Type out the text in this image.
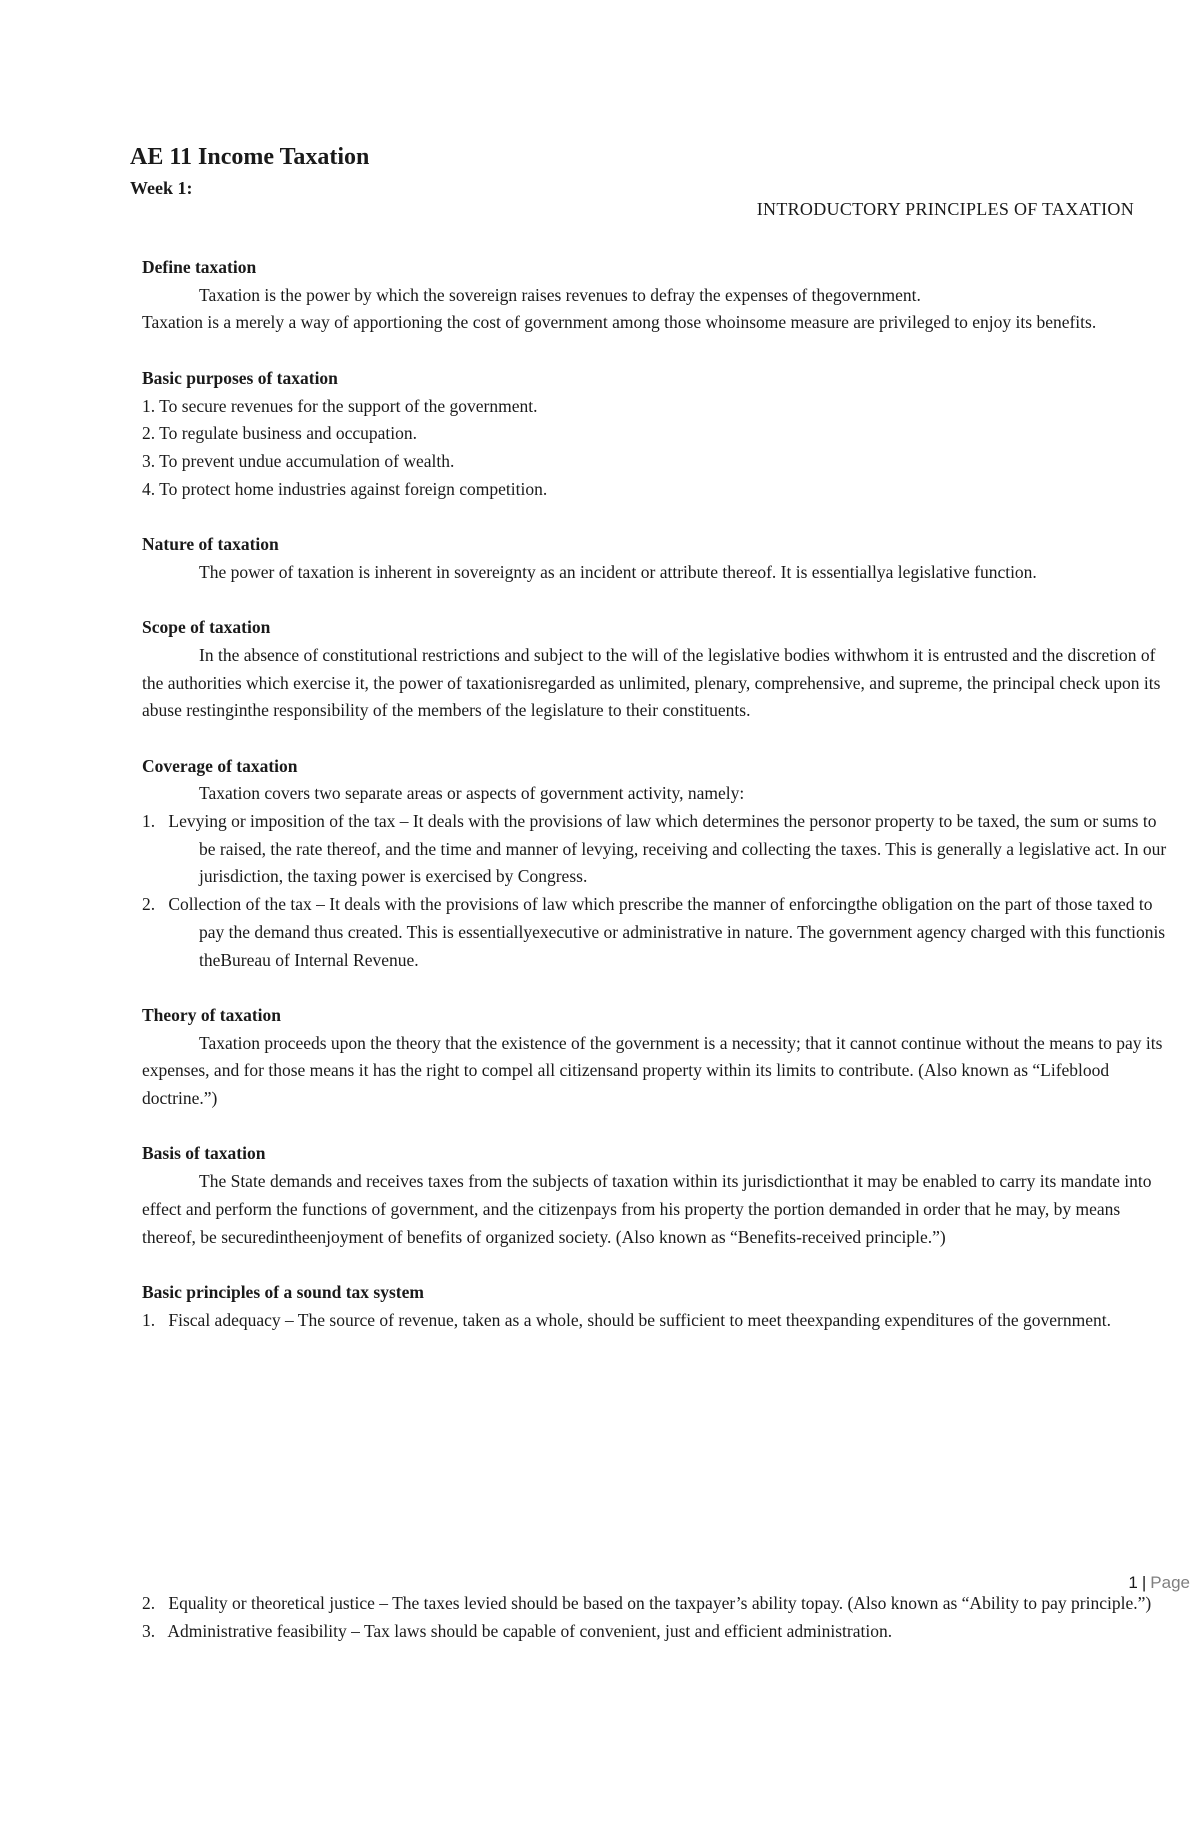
AE 11 Income Taxation
Week 1:
INTRODUCTORY PRINCIPLES OF TAXATION

Define taxation

Taxation is the power by which the sovereign raises revenues to defray the expenses of thegovernment.

Taxation is a merely a way of apportioning the cost of government among those whoinsome measure are privileged to enjoy its benefits.

Basic purposes of taxation

1. To secure revenues for the support of the government.

2. To regulate business and occupation.

3. To prevent undue accumulation of wealth.

4. To protect home industries against foreign competition.

Nature of taxation

The power of taxation is inherent in sovereignty as an incident or attribute thereof. It is essentiallya legislative function.

Scope of taxation

In the absence of constitutional restrictions and subject to the will of the legislative bodies withwhom it is entrusted and the discretion of the authorities which exercise it, the power of taxationisregarded as unlimited, plenary, comprehensive, and supreme, the principal check upon its abuse restinginthe responsibility of the members of the legislature to their constituents.

Coverage of taxation

Taxation covers two separate areas or aspects of government activity, namely:

1. Levying or imposition of the tax – It deals with the provisions of law which determines the personor property to be taxed, the sum or sums to be raised, the rate thereof, and the time and manner of levying, receiving and collecting the taxes. This is generally a legislative act. In our jurisdiction, the taxing power is exercised by Congress.

2. Collection of the tax – It deals with the provisions of law which prescribe the manner of enforcingthe obligation on the part of those taxed to pay the demand thus created. This is essentiallyexecutive or administrative in nature. The government agency charged with this functionis theBureau of Internal Revenue.

Theory of taxation

Taxation proceeds upon the theory that the existence of the government is a necessity; that it cannot continue without the means to pay its expenses, and for those means it has the right to compel all citizensand property within its limits to contribute. (Also known as “Lifeblood doctrine.”)

Basis of taxation

The State demands and receives taxes from the subjects of taxation within its jurisdictionthat it may be enabled to carry its mandate into effect and perform the functions of government, and the citizenpays from his property the portion demanded in order that he may, by means thereof, be securedintheenjoyment of benefits of organized society. (Also known as “Benefits-received principle.”)

Basic principles of a sound tax system

1. Fiscal adequacy – The source of revenue, taken as a whole, should be sufficient to meet theexpanding expenditures of the government.

1 | Page

2. Equality or theoretical justice – The taxes levied should be based on the taxpayer’s ability topay. (Also known as “Ability to pay principle.”)

3. Administrative feasibility – Tax laws should be capable of convenient, just and efficient administration.
